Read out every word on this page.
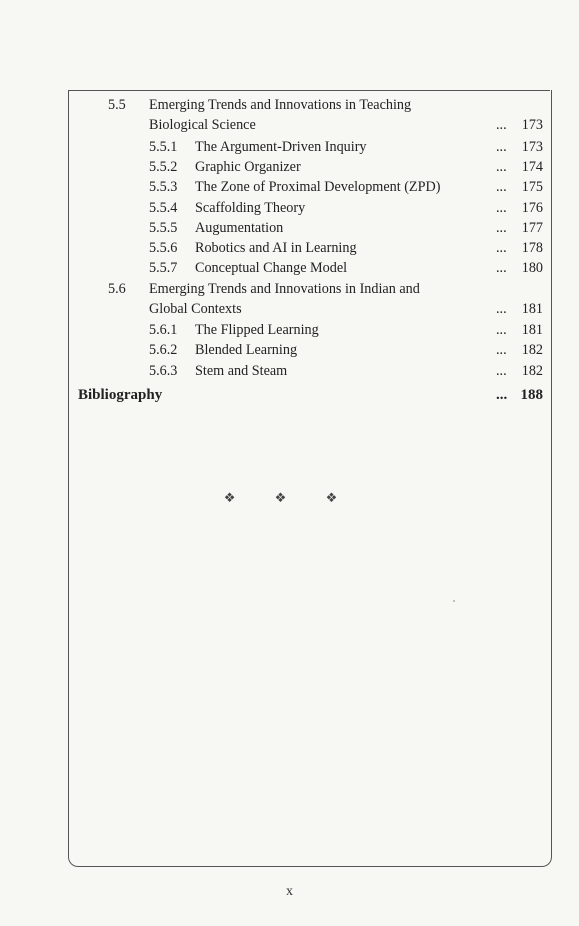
5.5 Emerging Trends and Innovations in Teaching
Biological Science	... 173
5.5.1 The Argument-Driven Inquiry	... 173
5.5.2 Graphic Organizer	... 174
5.5.3 The Zone of Proximal Development (ZPD)	... 175
5.5.4 Scaffolding Theory	... 176
5.5.5 Augumentation	... 177
5.5.6 Robotics and AI in Learning	... 178
5.5.7 Conceptual Change Model	... 180
5.6 Emerging Trends and Innovations in Indian and
Global Contexts	... 181
5.6.1 The Flipped Learning	... 181
5.6.2 Blended Learning	... 182
5.6.3 Stem and Steam	... 182
Bibliography	... 188
❖ ❖ ❖
x
